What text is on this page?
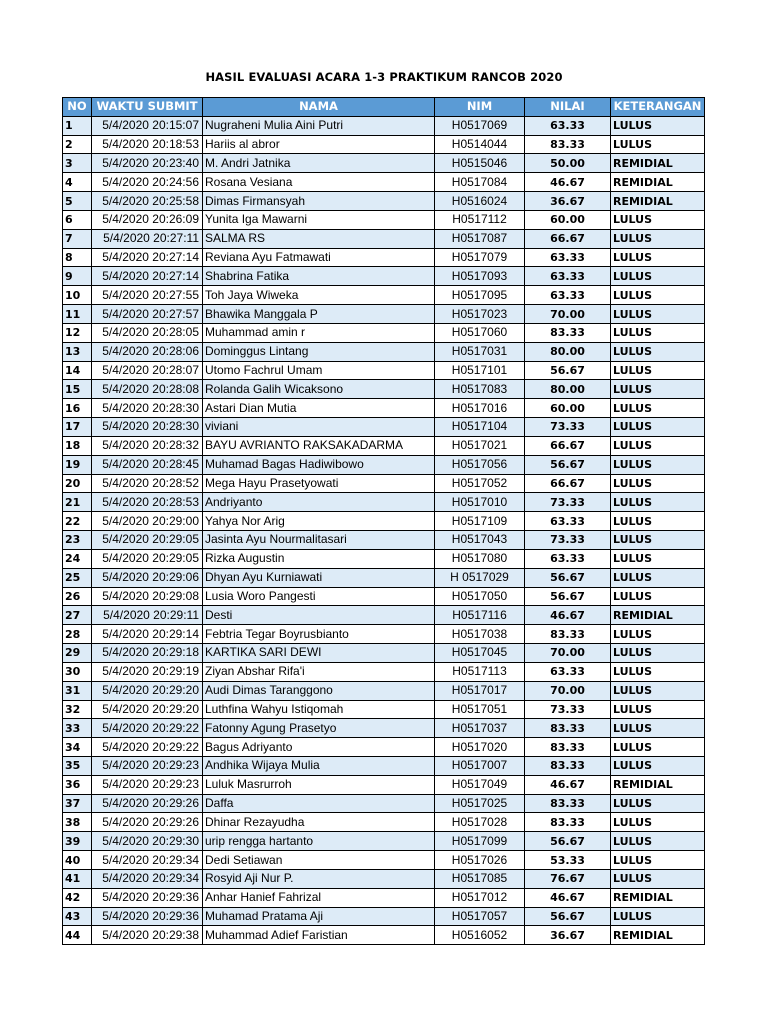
HASIL EVALUASI ACARA 1-3 PRAKTIKUM RANCOB 2020
NO	WAKTU SUBMIT	NAMA	NIM	NILAI	KETERANGAN
1	5/4/2020 20:15:07	Nugraheni Mulia Aini Putri	H0517069	63.33	LULUS
2	5/4/2020 20:18:53	Hariis al abror	H0514044	83.33	LULUS
3	5/4/2020 20:23:40	M. Andri Jatnika	H0515046	50.00	REMIDIAL
4	5/4/2020 20:24:56	Rosana Vesiana	H0517084	46.67	REMIDIAL
5	5/4/2020 20:25:58	Dimas Firmansyah	H0516024	36.67	REMIDIAL
6	5/4/2020 20:26:09	Yunita Iga Mawarni	H0517112	60.00	LULUS
7	5/4/2020 20:27:11	SALMA RS	H0517087	66.67	LULUS
8	5/4/2020 20:27:14	Reviana Ayu Fatmawati	H0517079	63.33	LULUS
9	5/4/2020 20:27:14	Shabrina Fatika	H0517093	63.33	LULUS
10	5/4/2020 20:27:55	Toh Jaya Wiweka	H0517095	63.33	LULUS
11	5/4/2020 20:27:57	Bhawika Manggala P	H0517023	70.00	LULUS
12	5/4/2020 20:28:05	Muhammad amin r	H0517060	83.33	LULUS
13	5/4/2020 20:28:06	Dominggus Lintang	H0517031	80.00	LULUS
14	5/4/2020 20:28:07	Utomo Fachrul Umam	H0517101	56.67	LULUS
15	5/4/2020 20:28:08	Rolanda Galih Wicaksono	H0517083	80.00	LULUS
16	5/4/2020 20:28:30	Astari Dian Mutia	H0517016	60.00	LULUS
17	5/4/2020 20:28:30	viviani	H0517104	73.33	LULUS
18	5/4/2020 20:28:32	BAYU AVRIANTO RAKSAKADARMA	H0517021	66.67	LULUS
19	5/4/2020 20:28:45	Muhamad Bagas Hadiwibowo	H0517056	56.67	LULUS
20	5/4/2020 20:28:52	Mega Hayu Prasetyowati	H0517052	66.67	LULUS
21	5/4/2020 20:28:53	Andriyanto	H0517010	73.33	LULUS
22	5/4/2020 20:29:00	Yahya Nor Arig	H0517109	63.33	LULUS
23	5/4/2020 20:29:05	Jasinta Ayu Nourmalitasari	H0517043	73.33	LULUS
24	5/4/2020 20:29:05	Rizka Augustin	H0517080	63.33	LULUS
25	5/4/2020 20:29:06	Dhyan Ayu Kurniawati	H 0517029	56.67	LULUS
26	5/4/2020 20:29:08	Lusia Woro Pangesti	H0517050	56.67	LULUS
27	5/4/2020 20:29:11	Desti	H0517116	46.67	REMIDIAL
28	5/4/2020 20:29:14	Febtria Tegar Boyrusbianto	H0517038	83.33	LULUS
29	5/4/2020 20:29:18	KARTIKA SARI DEWI	H0517045	70.00	LULUS
30	5/4/2020 20:29:19	Ziyan Abshar Rifa'i	H0517113	63.33	LULUS
31	5/4/2020 20:29:20	Audi Dimas Taranggono	H0517017	70.00	LULUS
32	5/4/2020 20:29:20	Luthfina Wahyu Istiqomah	H0517051	73.33	LULUS
33	5/4/2020 20:29:22	Fatonny Agung Prasetyo	H0517037	83.33	LULUS
34	5/4/2020 20:29:22	Bagus Adriyanto	H0517020	83.33	LULUS
35	5/4/2020 20:29:23	Andhika Wijaya Mulia	H0517007	83.33	LULUS
36	5/4/2020 20:29:23	Luluk Masrurroh	H0517049	46.67	REMIDIAL
37	5/4/2020 20:29:26	Daffa	H0517025	83.33	LULUS
38	5/4/2020 20:29:26	Dhinar Rezayudha	H0517028	83.33	LULUS
39	5/4/2020 20:29:30	urip rengga hartanto	H0517099	56.67	LULUS
40	5/4/2020 20:29:34	Dedi Setiawan	H0517026	53.33	LULUS
41	5/4/2020 20:29:34	Rosyid Aji Nur P.	H0517085	76.67	LULUS
42	5/4/2020 20:29:36	Anhar Hanief Fahrizal	H0517012	46.67	REMIDIAL
43	5/4/2020 20:29:36	Muhamad Pratama Aji	H0517057	56.67	LULUS
44	5/4/2020 20:29:38	Muhammad Adief Faristian	H0516052	36.67	REMIDIAL
